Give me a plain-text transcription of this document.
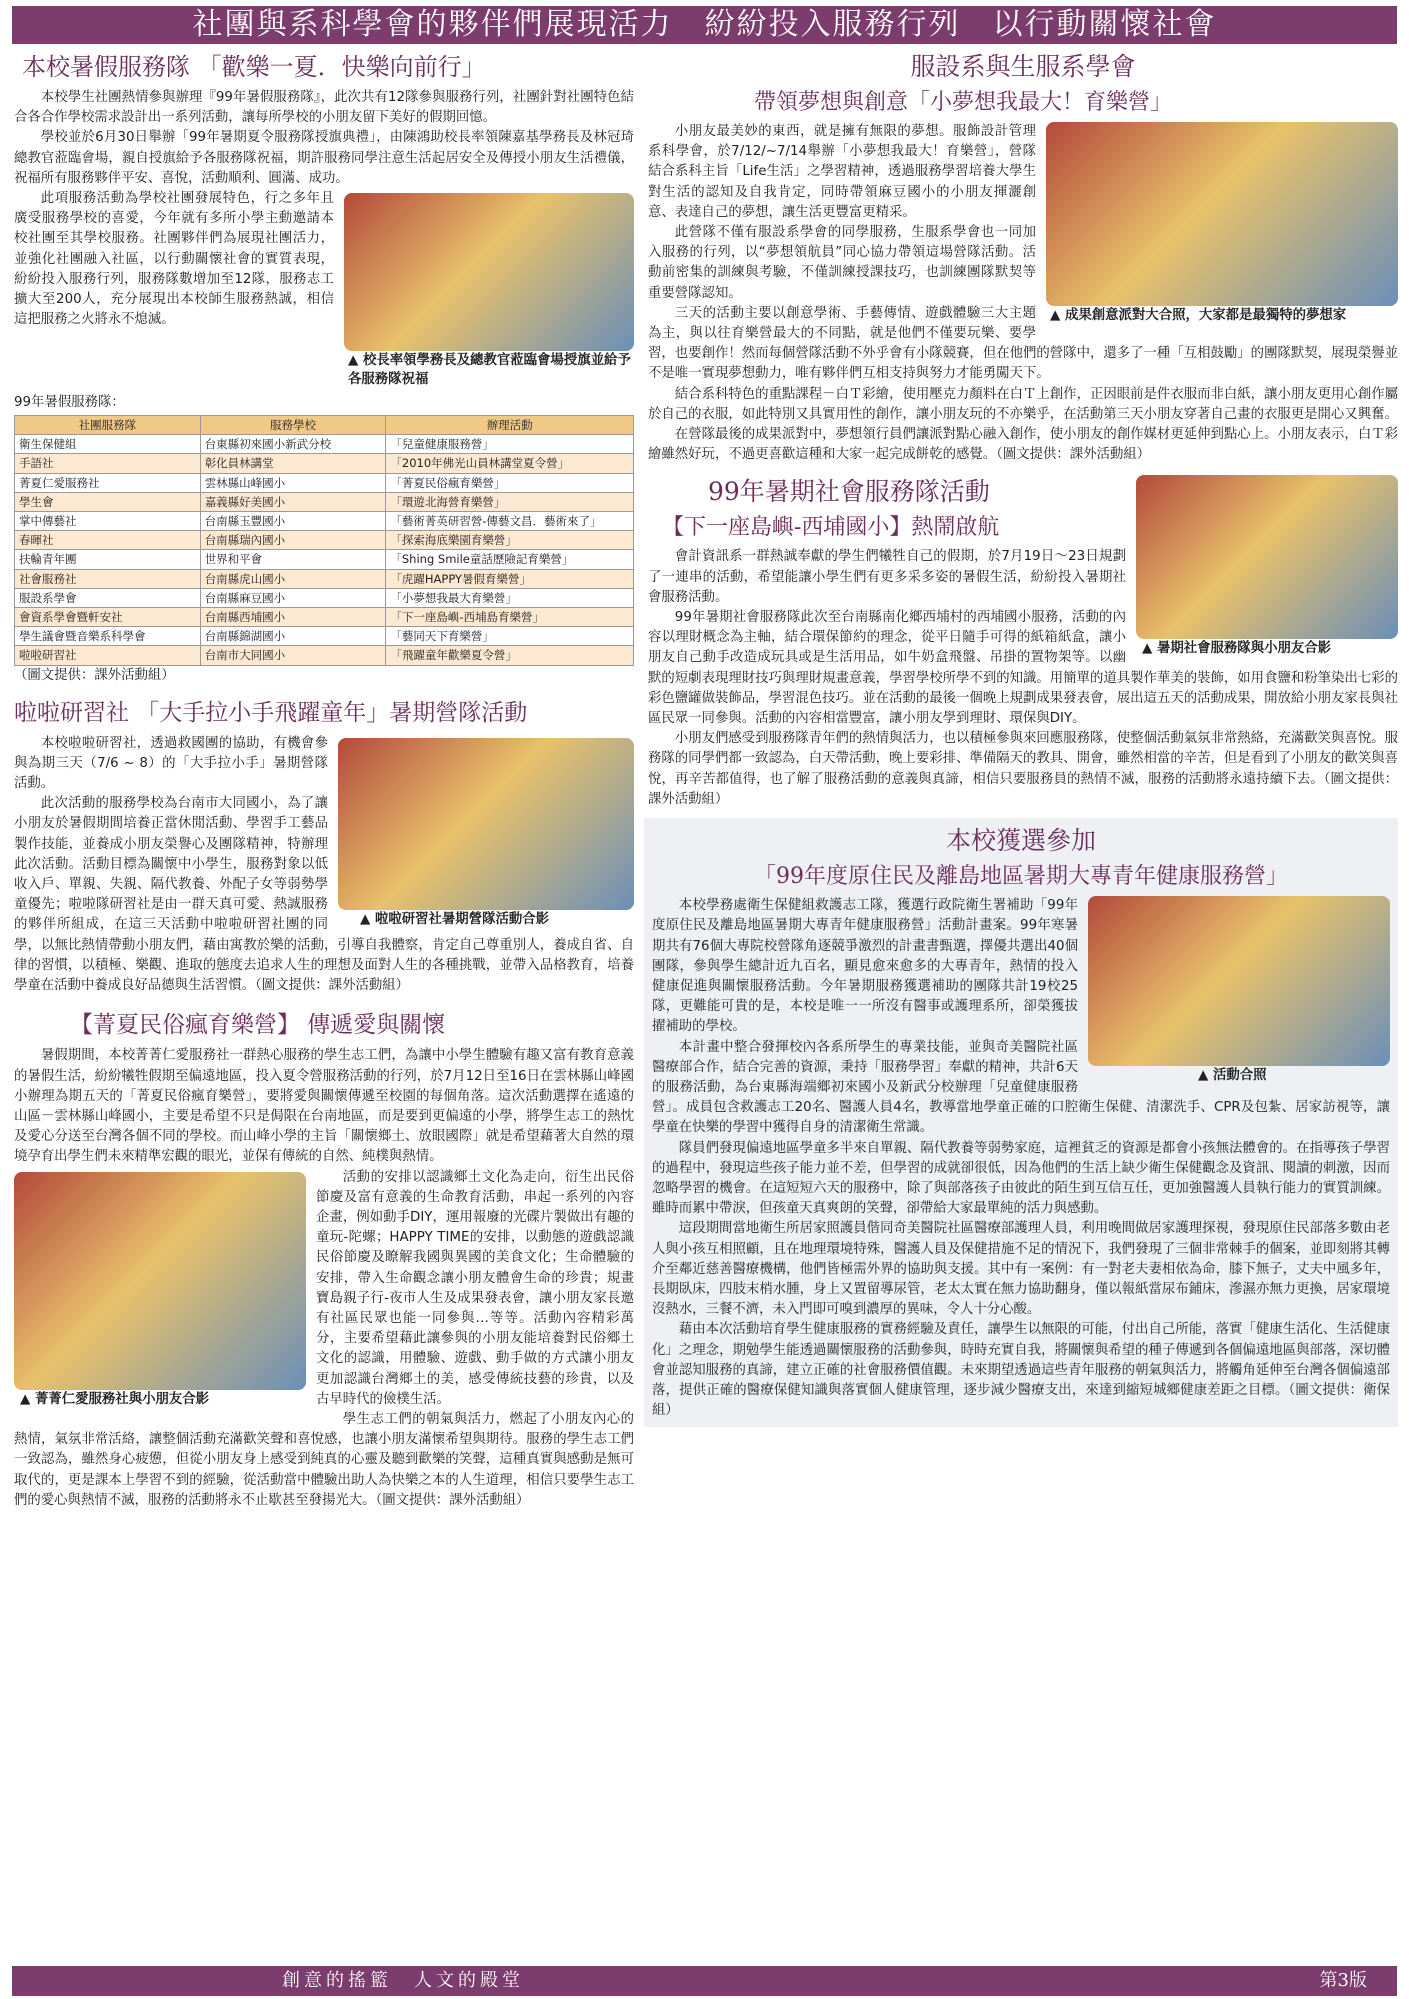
社團與系科學會的夥伴們展現活力　紛紛投入服務行列　以行動關懷社會
本校暑假服務隊 「歡樂一夏．快樂向前行」

本校學生社團熱情參與辦理『99年暑假服務隊』，此次共有12隊參與服務行列，社團針對社團特色結合各合作學校需求設計出一系列活動，讓每所學校的小朋友留下美好的假期回憶。

學校並於6月30日舉辦「99年暑期夏令服務隊授旗典禮」，由陳鴻助校長率領陳嘉基學務長及林冠琦總教官蒞臨會場，親自授旗給予各服務隊祝福，期許服務同學注意生活起居安全及傳授小朋友生活禮儀，祝福所有服務夥伴平安、喜悅，活動順利、圓滿、成功。

▲ 校長率領學務長及總教官蒞臨會場授旗並給予各服務隊祝福

此項服務活動為學校社團發展特色，行之多年且廣受服務學校的喜愛，今年就有多所小學主動邀請本校社團至其學校服務。社團夥伴們為展現社團活力，並強化社團融入社區，以行動關懷社會的實質表現，紛紛投入服務行列，服務隊數增加至12隊，服務志工擴大至200人，充分展現出本校師生服務熱誠，相信這把服務之火將永不熄滅。

99年暑假服務隊：

社團服務隊	服務學校	辦理活動
衛生保健組	台東縣初來國小新武分校	「兒童健康服務營」
手語社	彰化員林講堂	「2010年佛光山員林講堂夏令營」
菁夏仁愛服務社	雲林縣山峰國小	「菁夏民俗瘋育樂營」
學生會	嘉義縣好美國小	「環遊北海營育樂營」
掌中傳藝社	台南縣玉豐國小	「藝術菁英研習營-傳藝文昌．藝術來了」
春暉社	台南縣瑞內國小	「探索海底樂園育樂營」
扶輪青年團	世界和平會	「Shing Smile童話歷險記育樂營」
社會服務社	台南縣虎山國小	「虎躍HAPPY暑假育樂營」
服設系學會	台南縣麻豆國小	「小夢想我最大育樂營」
會資系學會暨軒安社	台南縣西埔國小	「下一座島嶼-西埔島育樂營」
學生議會暨音樂系科學會	台南縣錦湖國小	「藝同天下育樂營」
啦啦研習社	台南市大同國小	「飛躍童年歡樂夏令營」
（圖文提供：課外活動組）
啦啦研習社 「大手拉小手飛躍童年」暑期營隊活動
▲ 啦啦研習社暑期營隊活動合影

本校啦啦研習社，透過救國團的協助，有機會參與為期三天（7/6 ~ 8）的「大手拉小手」暑期營隊活動。

此次活動的服務學校為台南市大同國小，為了讓小朋友於暑假期間培養正當休閒活動、學習手工藝品製作技能，並養成小朋友榮譽心及團隊精神，特辦理此次活動。活動目標為關懷中小學生，服務對象以低收入戶、單親、失親、隔代教養、外配子女等弱勢學童優先；啦啦隊研習社是由一群天真可愛、熱誠服務的夥伴所組成，在這三天活動中啦啦研習社團的同學，以無比熱情帶動小朋友們，藉由寓教於樂的活動，引導自我體察，肯定自己尊重別人，養成自省、自律的習慣，以積極、樂觀、進取的態度去追求人生的理想及面對人生的各種挑戰，並帶入品格教育，培養學童在活動中養成良好品德與生活習慣。（圖文提供：課外活動組）

【菁夏民俗瘋育樂營】 傳遞愛與關懷

暑假期間，本校菁菁仁愛服務社一群熱心服務的學生志工們，為讓中小學生體驗有趣又富有教育意義的暑假生活，紛紛犧牲假期至偏遠地區，投入夏令營服務活動的行列，於7月12日至16日在雲林縣山峰國小辦理為期五天的「菁夏民俗瘋育樂營」，要將愛與關懷傳遞至校園的每個角落。這次活動選擇在遙遠的山區－雲林縣山峰國小，主要是希望不只是侷限在台南地區，而是要到更偏遠的小學，將學生志工的熱忱及愛心分送至台灣各個不同的學校。而山峰小學的主旨「關懷鄉土、放眼國際」就是希望藉著大自然的環境孕育出學生們未來精準宏觀的眼光，並保有傳統的自然、純樸與熱情。

▲ 菁菁仁愛服務社與小朋友合影

活動的安排以認識鄉土文化為走向，衍生出民俗節慶及富有意義的生命教育活動，串起一系列的內容企畫，例如動手DIY，運用報廢的光碟片製做出有趣的童玩-陀螺；HAPPY TIME的安排，以動態的遊戲認識民俗節慶及瞭解我國與異國的美食文化；生命體驗的安排，帶入生命觀念讓小朋友體會生命的珍貴；規畫寶島親子行-夜市人生及成果發表會，讓小朋友家長邀有社區民眾也能一同參與…等等。活動內容精彩萬分，主要希望藉此讓參與的小朋友能培養對民俗鄉土文化的認識，用體驗、遊戲、動手做的方式讓小朋友更加認識台灣鄉土的美，感受傳統技藝的珍貴，以及古早時代的儉樸生活。

學生志工們的朝氣與活力，燃起了小朋友內心的熱情，氣氛非常活絡，讓整個活動充滿歡笑聲和喜悅感，也讓小朋友滿懷希望與期待。服務的學生志工們一致認為，雖然身心疲憊，但從小朋友身上感受到純真的心靈及聽到歡樂的笑聲，這種真實與感動是無可取代的，更是課本上學習不到的經驗，從活動當中體驗出助人為快樂之本的人生道理，相信只要學生志工們的愛心與熱情不滅，服務的活動將永不止歇甚至發揚光大。（圖文提供：課外活動組）

服設系與生服系學會
帶領夢想與創意「小夢想我最大！育樂營」
▲ 成果創意派對大合照，大家都是最獨特的夢想家

小朋友最美妙的東西，就是擁有無限的夢想。服飾設計管理系科學會，於7/12/~7/14舉辦「小夢想我最大！育樂營」，營隊結合系科主旨「Life生活」之學習精神，透過服務學習培養大學生對生活的認知及自我肯定，同時帶領麻豆國小的小朋友揮灑創意、表達自己的夢想，讓生活更豐富更精采。

此營隊不僅有服設系學會的同學服務，生服系學會也一同加入服務的行列，以“夢想領航員”同心協力帶領這場營隊活動。活動前密集的訓練與考驗，不僅訓練授課技巧，也訓練團隊默契等重要營隊認知。

三天的活動主要以創意學術、手藝傳情、遊戲體驗三大主題為主，與以往育樂營最大的不同點，就是他們不僅要玩樂、要學習，也要創作！然而每個營隊活動不外乎會有小隊競賽，但在他們的營隊中，還多了一種「互相鼓勵」的團隊默契，展現榮譽並不是唯一實現夢想動力，唯有夥伴們互相支持與努力才能勇闖天下。

結合系科特色的重點課程－白Ｔ彩繪，使用壓克力顏料在白Ｔ上創作，正因眼前是件衣服而非白紙，讓小朋友更用心創作屬於自己的衣服，如此特別又具實用性的創作，讓小朋友玩的不亦樂乎，在活動第三天小朋友穿著自己畫的衣服更是開心又興奮。

在營隊最後的成果派對中，夢想領行員們讓派對點心融入創作，使小朋友的創作媒材更延伸到點心上。小朋友表示，白Ｔ彩繪雖然好玩，不過更喜歡這種和大家一起完成餅乾的感覺。（圖文提供：課外活動組）

▲ 暑期社會服務隊與小朋友合影
99年暑期社會服務隊活動
【下一座島嶼-西埔國小】熱鬧啟航

會計資訊系一群熱誠奉獻的學生們犧牲自己的假期，於7月19日～23日規劃了一連串的活動，希望能讓小學生們有更多采多姿的暑假生活，紛紛投入暑期社會服務活動。

99年暑期社會服務隊此次至台南縣南化鄉西埔村的西埔國小服務，活動的內容以理財概念為主軸，結合環保節約的理念，從平日隨手可得的紙箱紙盒，讓小朋友自己動手改造成玩具或是生活用品，如牛奶盒飛盤、吊掛的置物架等。以幽默的短劇表現理財技巧與理財規畫意義，學習學校所學不到的知識。用簡單的道具製作華美的裝飾，如用食鹽和粉筆染出七彩的彩色鹽罐做裝飾品，學習混色技巧。並在活動的最後一個晚上規劃成果發表會，展出這五天的活動成果，開放給小朋友家長與社區民眾一同參與。活動的內容相當豐富，讓小朋友學到理財、環保與DIY。

小朋友們感受到服務隊青年們的熱情與活力，也以積極參與來回應服務隊，使整個活動氣氛非常熱絡，充滿歡笑與喜悅。服務隊的同學們都一致認為，白天帶活動，晚上要彩排、準備隔天的教具、開會，雖然相當的辛苦，但是看到了小朋友的歡笑與喜悅，再辛苦都值得，也了解了服務活動的意義與真諦，相信只要服務員的熱情不滅，服務的活動將永遠持續下去。（圖文提供：課外活動組）

本校獲選參加
「99年度原住民及離島地區暑期大專青年健康服務營」
▲ 活動合照

本校學務處衛生保健組救護志工隊，獲選行政院衛生署補助「99年度原住民及離島地區暑期大專青年健康服務營」活動計畫案。99年寒暑期共有76個大專院校營隊角逐競爭激烈的計畫書甄選，擇優共選出40個團隊，參與學生總計近九百名，顯見愈來愈多的大專青年，熱情的投入健康促進與關懷服務活動。今年暑期服務獲選補助的團隊共計19校25隊，更難能可貴的是，本校是唯一一所沒有醫事或護理系所，卻榮獲拔擢補助的學校。

本計畫中整合發揮校內各系所學生的專業技能，並與奇美醫院社區醫療部合作，結合完善的資源，秉持「服務學習」奉獻的精神，共計6天的服務活動，為台東縣海端鄉初來國小及新武分校辦理「兒童健康服務營」。成員包含救護志工20名、醫護人員4名，教導當地學童正確的口腔衛生保健、清潔洗手、CPR及包紮、居家訪視等，讓學童在快樂的學習中獲得自身的清潔衛生常識。

隊員們發現偏遠地區學童多半來自單親、隔代教養等弱勢家庭，這裡貧乏的資源是都會小孩無法體會的。在指導孩子學習的過程中，發現這些孩子能力並不差，但學習的成就卻很低，因為他們的生活上缺少衛生保健觀念及資訊、閱讀的刺激，因而忽略學習的機會。在這短短六天的服務中，除了與部落孩子由彼此的陌生到互信互任，更加強醫護人員執行能力的實質訓練。雖時而累中帶淚，但孩童天真爽朗的笑聲，卻帶給大家最單純的活力與感動。

這段期間當地衛生所居家照護員偕同奇美醫院社區醫療部護理人員，利用晚間做居家護理探視，發現原住民部落多數由老人與小孩互相照顧，且在地理環境特殊，醫護人員及保健措施不足的情況下，我們發現了三個非常棘手的個案，並即刻將其轉介至鄰近慈善醫療機構，他們皆極需外界的協助與支援。其中有一案例：有一對老夫妻相依為命，膝下無子，丈夫中風多年，長期臥床，四肢末梢水腫，身上又置留導尿管，老太太實在無力協助翻身，僅以報紙當尿布鋪床，滲濕亦無力更換，居家環境沒熱水，三餐不濟，未入門即可嗅到濃厚的異味，令人十分心酸。

藉由本次活動培育學生健康服務的實務經驗及責任，讓學生以無限的可能，付出自己所能，落實「健康生活化、生活健康化」之理念，期勉學生能透過關懷服務的活動參與，時時充實自我，將關懷與希望的種子傳遞到各個偏遠地區與部落，深切體會並認知服務的真諦，建立正確的社會服務價值觀。未來期望透過這些青年服務的朝氣與活力，將觸角延伸至台灣各個偏遠部落，提供正確的醫療保健知識與落實個人健康管理，逐步減少醫療支出，來達到縮短城鄉健康差距之目標。（圖文提供：衛保組）

創意的搖籃　人文的殿堂	第3版
